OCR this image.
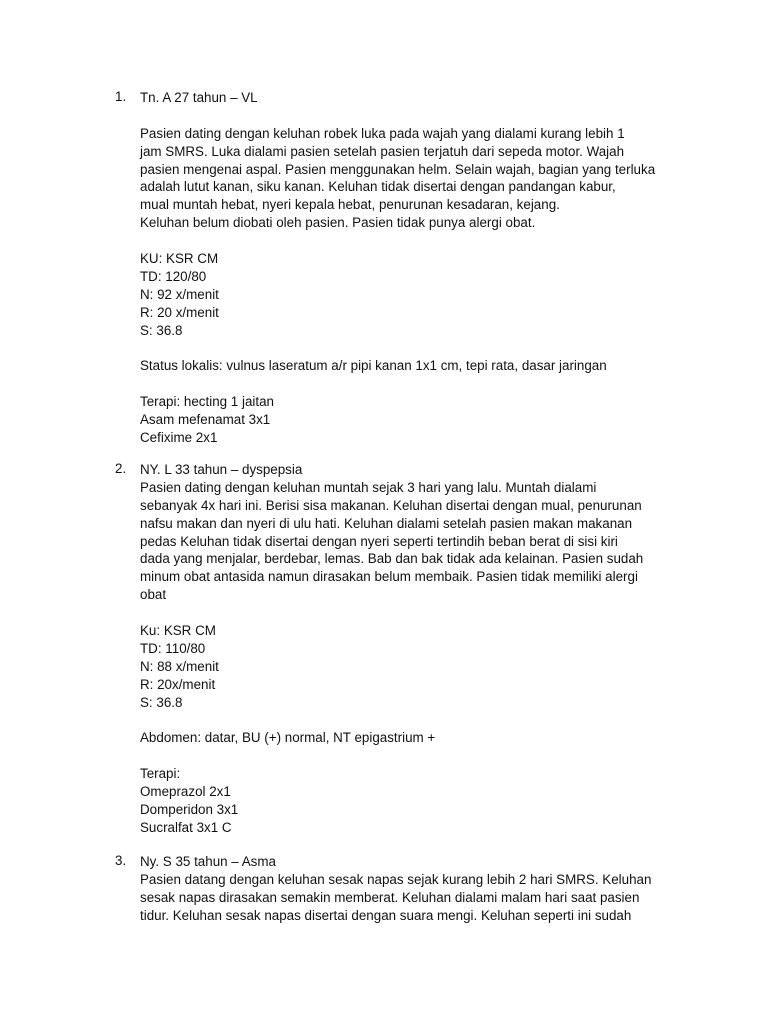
1. Tn. A 27 tahun – VL
Pasien dating dengan keluhan robek luka pada wajah yang dialami kurang lebih 1
jam SMRS. Luka dialami pasien setelah pasien terjatuh dari sepeda motor. Wajah
pasien mengenai aspal. Pasien menggunakan helm. Selain wajah, bagian yang terluka
adalah lutut kanan, siku kanan. Keluhan tidak disertai dengan pandangan kabur,
mual muntah hebat, nyeri kepala hebat, penurunan kesadaran, kejang.
Keluhan belum diobati oleh pasien. Pasien tidak punya alergi obat.
KU: KSR CM
TD: 120/80
N: 92 x/menit
R: 20 x/menit
S: 36.8
Status lokalis: vulnus laseratum a/r pipi kanan 1x1 cm, tepi rata, dasar jaringan
Terapi: hecting 1 jaitan
Asam mefenamat 3x1
Cefixime 2x1
2. NY. L 33 tahun – dyspepsia
Pasien dating dengan keluhan muntah sejak 3 hari yang lalu. Muntah dialami
sebanyak 4x hari ini. Berisi sisa makanan. Keluhan disertai dengan mual, penurunan
nafsu makan dan nyeri di ulu hati. Keluhan dialami setelah pasien makan makanan
pedas Keluhan tidak disertai dengan nyeri seperti tertindih beban berat di sisi kiri
dada yang menjalar, berdebar, lemas. Bab dan bak tidak ada kelainan. Pasien sudah
minum obat antasida namun dirasakan belum membaik. Pasien tidak memiliki alergi
obat
Ku: KSR CM
TD: 110/80
N: 88 x/menit
R: 20x/menit
S: 36.8
Abdomen: datar, BU (+) normal, NT epigastrium +
Terapi:
Omeprazol 2x1
Domperidon 3x1
Sucralfat 3x1 C
3. Ny. S 35 tahun – Asma
Pasien datang dengan keluhan sesak napas sejak kurang lebih 2 hari SMRS. Keluhan
sesak napas dirasakan semakin memberat. Keluhan dialami malam hari saat pasien
tidur. Keluhan sesak napas disertai dengan suara mengi. Keluhan seperti ini sudah
